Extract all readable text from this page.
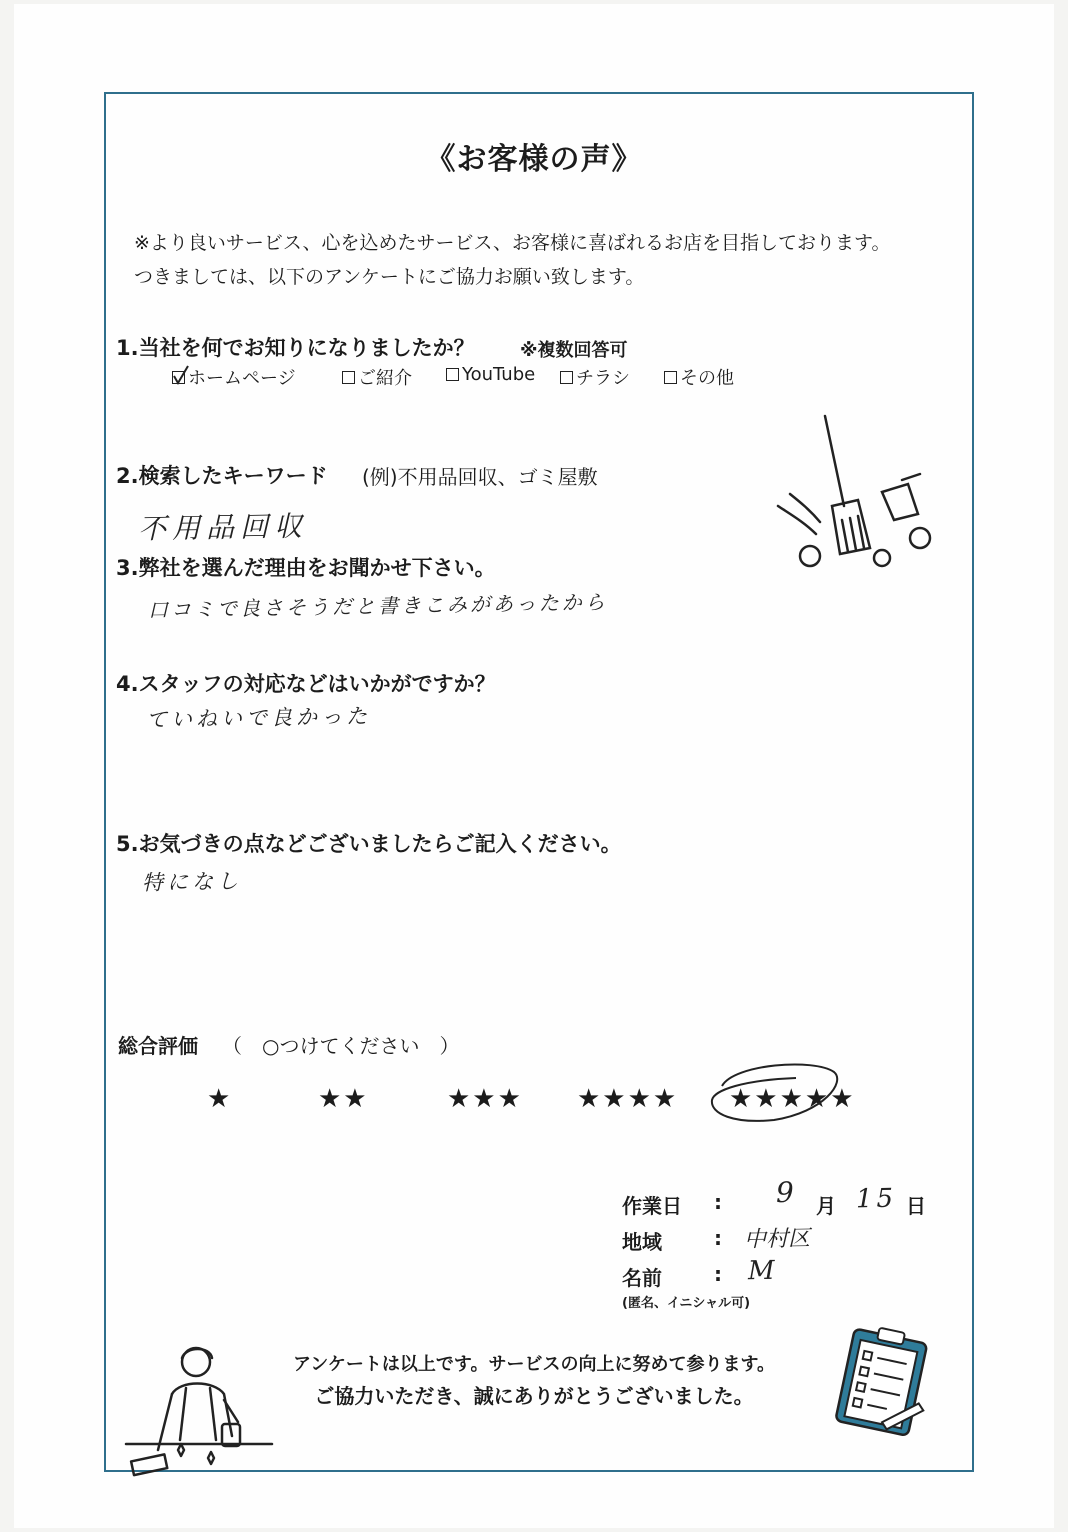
《お客様の声》
※より良いサービス、心を込めたサービス、お客様に喜ばれるお店を目指しております。
つきましては、以下のアンケートにご協力お願い致します。
1.当社を何でお知りになりましたか？	※複数回答可
ホームページ	ご紹介	YouTube チラシ	その他
2.検索したキーワード (例)不用品回収、ゴミ屋敷
不用品回収
3.弊社を選んだ理由をお聞かせ下さい。
口コミで良さそうだと書きこみがあったから
4.スタッフの対応などはいかがですか？
ていねいで良かった
5.お気づきの点などございましたらご記入ください。
特になし
総合評価 （　○つけてください　）
★	★★	★★★ ★★★★ ★★★★★
作業日 : 9 月 15 日
地域	: 中村区
名前	: M
(匿名、イニシャル可)
アンケートは以上です。サービスの向上に努めて参ります。
ご協力いただき、誠にありがとうございました。
